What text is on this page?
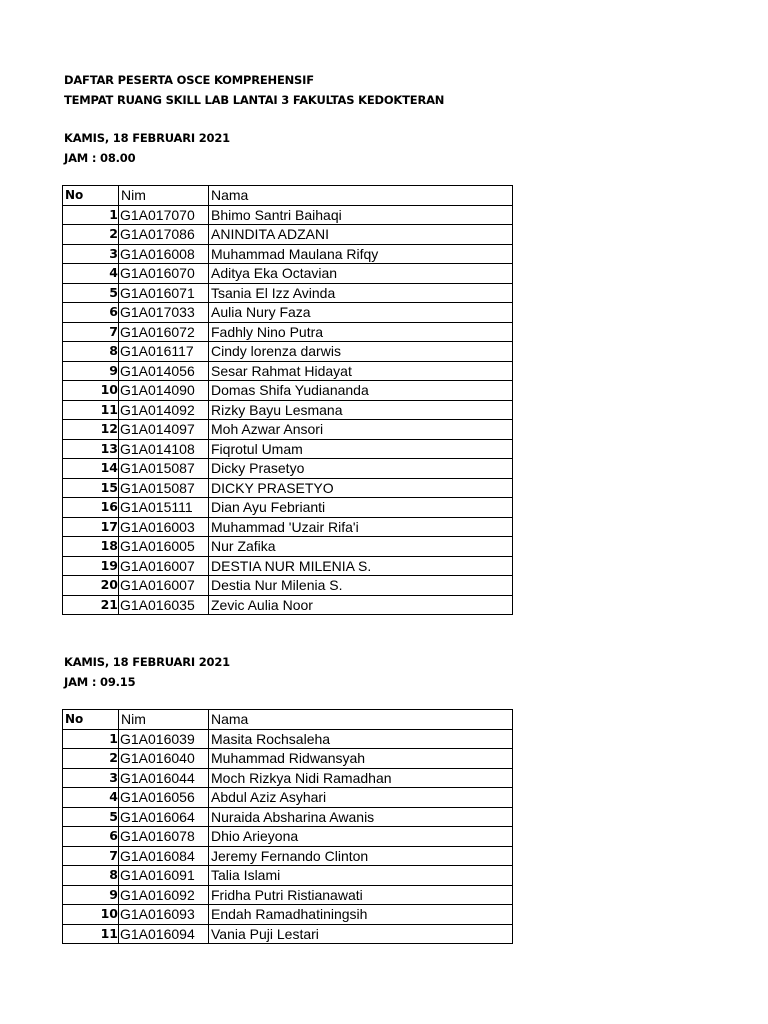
DAFTAR PESERTA OSCE KOMPREHENSIF
TEMPAT RUANG SKILL LAB LANTAI 3 FAKULTAS KEDOKTERAN
KAMIS, 18 FEBRUARI 2021
JAM : 08.00
No	Nim	Nama
1	G1A017070	Bhimo Santri Baihaqi
2	G1A017086	ANINDITA ADZANI
3	G1A016008	Muhammad Maulana Rifqy
4	G1A016070	Aditya Eka Octavian
5	G1A016071	Tsania El Izz Avinda
6	G1A017033	Aulia Nury Faza
7	G1A016072	Fadhly Nino Putra
8	G1A016117	Cindy lorenza darwis
9	G1A014056	Sesar Rahmat Hidayat
10	G1A014090	Domas Shifa Yudiananda
11	G1A014092	Rizky Bayu Lesmana
12	G1A014097	Moh Azwar Ansori
13	G1A014108	Fiqrotul Umam
14	G1A015087	Dicky Prasetyo
15	G1A015087	DICKY PRASETYO
16	G1A015111	Dian Ayu Febrianti
17	G1A016003	Muhammad 'Uzair Rifa'i
18	G1A016005	Nur Zafika
19	G1A016007	DESTIA NUR MILENIA S.
20	G1A016007	Destia Nur Milenia S.
21	G1A016035	Zevic Aulia Noor
KAMIS, 18 FEBRUARI 2021
JAM : 09.15
No	Nim	Nama
1	G1A016039	Masita Rochsaleha
2	G1A016040	Muhammad Ridwansyah
3	G1A016044	Moch Rizkya Nidi Ramadhan
4	G1A016056	Abdul Aziz Asyhari
5	G1A016064	Nuraida Absharina Awanis
6	G1A016078	Dhio Arieyona
7	G1A016084	Jeremy Fernando Clinton
8	G1A016091	Talia Islami
9	G1A016092	Fridha Putri Ristianawati
10	G1A016093	Endah Ramadhatiningsih
11	G1A016094	Vania Puji Lestari
